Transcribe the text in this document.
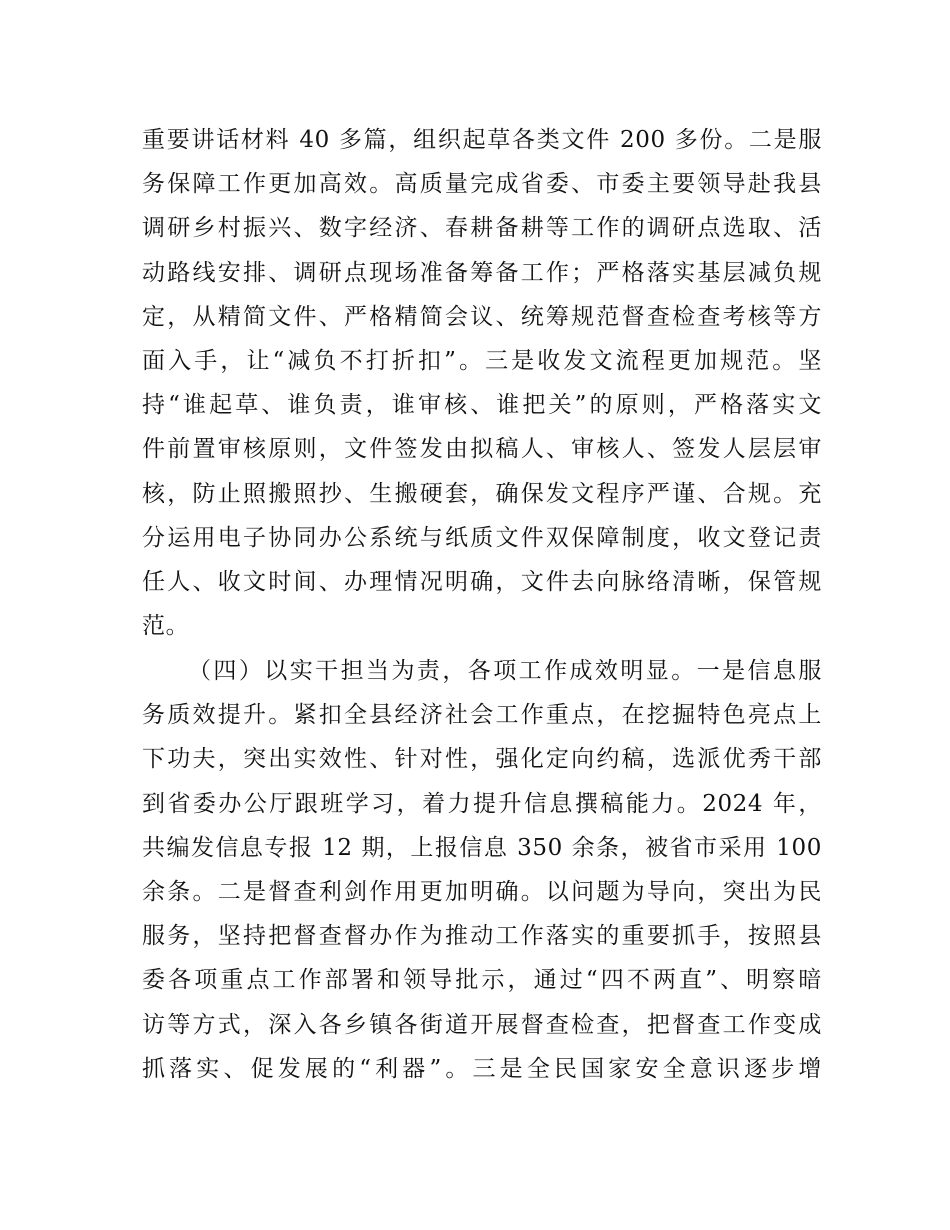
重要讲话材料 40 多篇，组织起草各类文件 200 多份。二是服
务保障工作更加高效。高质量完成省委、市委主要领导赴我县
调研乡村振兴、数字经济、春耕备耕等工作的调研点选取、活
动路线安排、调研点现场准备筹备工作；严格落实基层减负规
定，从精简文件、严格精简会议、统筹规范督查检查考核等方
面入手，让“减负不打折扣”。三是收发文流程更加规范。坚
持“谁起草、谁负责，谁审核、谁把关”的原则，严格落实文
件前置审核原则，文件签发由拟稿人、审核人、签发人层层审
核，防止照搬照抄、生搬硬套，确保发文程序严谨、合规。充
分运用电子协同办公系统与纸质文件双保障制度，收文登记责
任人、收文时间、办理情况明确，文件去向脉络清晰，保管规
范。
（四）以实干担当为责，各项工作成效明显。一是信息服
务质效提升。紧扣全县经济社会工作重点，在挖掘特色亮点上
下功夫，突出实效性、针对性，强化定向约稿，选派优秀干部
到省委办公厅跟班学习，着力提升信息撰稿能力。2024 年，
共编发信息专报 12 期，上报信息 350 余条，被省市采用 100
余条。二是督查利剑作用更加明确。以问题为导向，突出为民
服务，坚持把督查督办作为推动工作落实的重要抓手，按照县
委各项重点工作部署和领导批示，通过“四不两直”、明察暗
访等方式，深入各乡镇各街道开展督查检查，把督查工作变成
抓落实、促发展的“利器”。三是全民国家安全意识逐步增
